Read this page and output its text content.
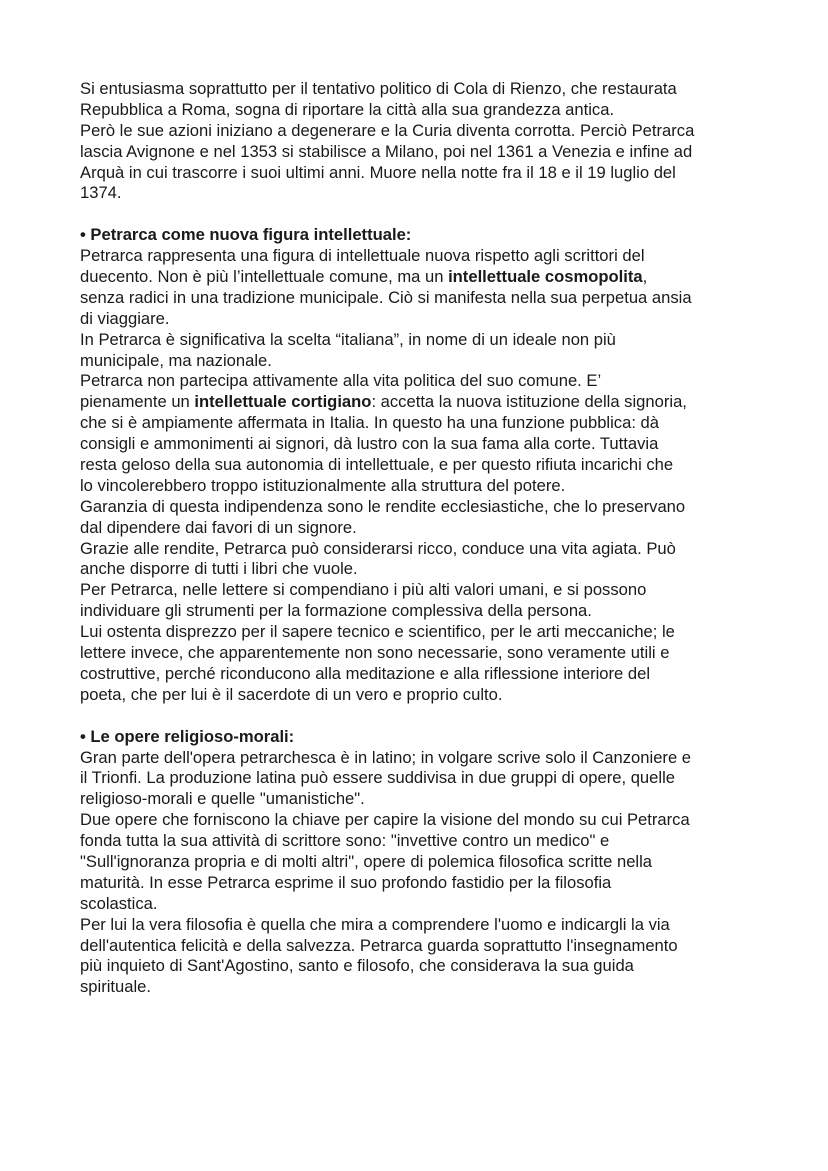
Si entusiasma soprattutto per il tentativo politico di Cola di Rienzo, che restaurata
Repubblica a Roma, sogna di riportare la città alla sua grandezza antica.
Però le sue azioni iniziano a degenerare e la Curia diventa corrotta. Perciò Petrarca
lascia Avignone e nel 1353 si stabilisce a Milano, poi nel 1361 a Venezia e infine ad
Arquà in cui trascorre i suoi ultimi anni. Muore nella notte fra il 18 e il 19 luglio del
1374.
• Petrarca come nuova figura intellettuale:
Petrarca rappresenta una figura di intellettuale nuova rispetto agli scrittori del
duecento. Non è più l’intellettuale comune, ma un intellettuale cosmopolita,
senza radici in una tradizione municipale. Ciò si manifesta nella sua perpetua ansia
di viaggiare.
In Petrarca è significativa la scelta “italiana”, in nome di un ideale non più
municipale, ma nazionale.
Petrarca non partecipa attivamente alla vita politica del suo comune. E’
pienamente un intellettuale cortigiano: accetta la nuova istituzione della signoria,
che si è ampiamente affermata in Italia. In questo ha una funzione pubblica: dà
consigli e ammonimenti ai signori, dà lustro con la sua fama alla corte. Tuttavia
resta geloso della sua autonomia di intellettuale, e per questo rifiuta incarichi che
lo vincolerebbero troppo istituzionalmente alla struttura del potere.
Garanzia di questa indipendenza sono le rendite ecclesiastiche, che lo preservano
dal dipendere dai favori di un signore.
Grazie alle rendite, Petrarca può considerarsi ricco, conduce una vita agiata. Può
anche disporre di tutti i libri che vuole.
Per Petrarca, nelle lettere si compendiano i più alti valori umani, e si possono
individuare gli strumenti per la formazione complessiva della persona.
Lui ostenta disprezzo per il sapere tecnico e scientifico, per le arti meccaniche; le
lettere invece, che apparentemente non sono necessarie, sono veramente utili e
costruttive, perché riconducono alla meditazione e alla riflessione interiore del
poeta, che per lui è il sacerdote di un vero e proprio culto.
• Le opere religioso-morali:
Gran parte dell'opera petrarchesca è in latino; in volgare scrive solo il Canzoniere e
il Trionfi. La produzione latina può essere suddivisa in due gruppi di opere, quelle
religioso-morali e quelle "umanistiche".
Due opere che forniscono la chiave per capire la visione del mondo su cui Petrarca
fonda tutta la sua attività di scrittore sono: "invettive contro un medico" e
"Sull'ignoranza propria e di molti altri", opere di polemica filosofica scritte nella
maturità. In esse Petrarca esprime il suo profondo fastidio per la filosofia
scolastica.
Per lui la vera filosofia è quella che mira a comprendere l'uomo e indicargli la via
dell'autentica felicità e della salvezza. Petrarca guarda soprattutto l'insegnamento
più inquieto di Sant'Agostino, santo e filosofo, che considerava la sua guida
spirituale.
